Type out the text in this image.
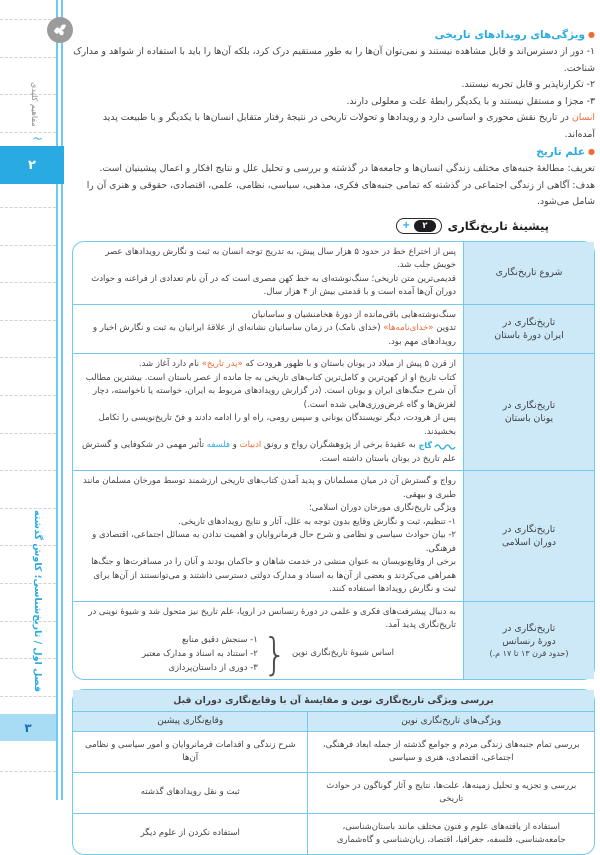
مفاهیم کلیدی
〜
۲
فصل اول / تاریخ‌شناسی؛ کاوش گذشته
۳
●ویژگی‌های رویدادهای تاریخی
۱- دور از دسترس‌اند و قابل مشاهده نیستند و نمی‌توان آن‌ها را به طور مستقیم درک کرد، بلکه آن‌ها را باید با استفاده از شواهد و مدارک شناخت.
۲- تکرارناپذیر و قابل تجربه نیستند.
۳- مجزا و مستقل نیستند و با یکدیگر رابطهٔ علت و معلولی دارند.
انسان در تاریخ نقش محوری و اساسی دارد و رویدادها و تحولات تاریخی در نتیجهٔ رفتار متقابل انسان‌ها با یکدیگر و با طبیعت پدید آمده‌اند.
●علم تاریخ
تعریف: مطالعهٔ جنبه‌های مختلف زندگی انسان‌ها و جامعه‌ها در گذشته و بررسی و تحلیل علل و نتایج افکار و اعمال پیشینیان است.
هدف: آگاهی از زندگی اجتماعی در گذشته که تمامی جنبه‌های فکری، مذهبی، سیاسی، نظامی، علمی، اقتصادی، حقوقی و هنری آن را شامل می‌شود.
پیشینهٔ تاریخ‌نگاری
+	۲
شروع تاریخ‌نگاری
پس از اختراع خط در حدود ۵ هزار سال پیش، به تدریج توجه انسان به ثبت و نگارش رویدادهای عصر خویش جلب شد.
قدیمی‌ترین متن تاریخی؛ سنگ‌نوشته‌ای به خط کهن مصری است که در آن نام تعدادی از فراعنه و حوادث دوران آن‌ها آمده است و با قدمتی بیش از ۴ هزار سال.
تاریخ‌نگاری در
ایران دورهٔ باستان
سنگ‌نوشته‌هایی باقی‌مانده از دورهٔ هخامنشیان و ساسانیان
تدوین «خدای‌نامه‌ها» (خدای نامک) در زمان ساسانیان نشانه‌ای از علاقهٔ ایرانیان به ثبت و نگارش اخبار و رویدادهای مهم بود.
تاریخ‌نگاری در
یونان باستان
از قرن ۵ پیش از میلاد در یونان باستان و با ظهور هرودت که «پدر تاریخ» نام دارد آغاز شد.
کتاب تاریخ او از کهن‌ترین و کامل‌ترین کتاب‌های تاریخی به جا مانده از عصر باستان است. بیشترین مطالب آن شرح جنگ‌های ایران و یونان است. (در گزارش رویدادهای مربوط به ایران، خواسته یا ناخواسته، دچار لغزش‌ها و گاه غرض‌ورزی‌هایی شده است.)
پس از هرودت، دیگر نویسندگان یونانی و سپس رومی، راه او را ادامه دادند و فنّ تاریخ‌نویسی را تکامل بخشیدند.
گاج
به عقیدهٔ برخی از پژوهشگران رواج و رونق ادبیات و فلسفه تأثیر مهمی در شکوفایی و گسترش علم تاریخ در یونان باستان داشته است.
تاریخ‌نگاری در
دوران اسلامی
رواج و گسترش آن در میان مسلمانان و پدید آمدن کتاب‌های تاریخی ارزشمند توسط مورخان مسلمان مانند طبری و بیهقی.
ویژگی تاریخ‌نگاری مورخان دوران اسلامی؛
۱- تنظیم، ثبت و نگارش وقایع بدون توجه به علل، آثار و نتایج رویدادهای تاریخی.
۲- بیان حوادث سیاسی و نظامی و شرح حال فرمانروایان و اهمیت ندادن به مسائل اجتماعی، اقتصادی و فرهنگی.
برخی از وقایع‌نویسان به عنوان منشی در خدمت شاهان و حاکمان بودند و آنان را در مسافرت‌ها و جنگ‌ها همراهی می‌کردند و بعضی از آن‌ها به اسناد و مدارک دولتی دسترسی داشتند و می‌توانستند از آن‌ها برای ثبت و نگارش رویدادها استفاده کنند.
تاریخ‌نگاری در
دورهٔ رنسانس
(حدود قرن ۱۳ تا ۱۷ م.)
به دنبال پیشرفت‌های فکری و علمی در دورهٔ رنسانس در اروپا، علم تاریخ نیز متحول شد و شیوهٔ نوینی در تاریخ‌نگاری پدید آمد.
اساس شیوهٔ تاریخ‌نگاری نوین
}
۱- سنجش دقیق منابع
۲- استناد به اسناد و مدارک معتبر
۳- دوری از داستان‌پردازی
بررسی ویژگی تاریخ‌نگاری نوین و مقایسهٔ آن با وقایع‌نگاری دوران قبل
ویژگی‌های تاریخ‌نگاری نوین
وقایع‌نگاری پیشین
بررسی تمام جنبه‌های زندگی مردم و جوامع گذشته از جمله ابعاد فرهنگی، اجتماعی، اقتصادی، هنری و سیاسی
شرح زندگی و اقدامات فرمانروایان و امور سیاسی و نظامی آن‌ها
بررسی و تجزیه و تحلیل زمینه‌ها، علت‌ها، نتایج و آثار گوناگون در حوادث تاریخی
ثبت و نقل رویدادهای گذشته
استفاده از یافته‌های علوم و فنون مختلف مانند باستان‌شناسی، جامعه‌شناسی، فلسفه، جغرافیا، اقتصاد، زبان‌شناسی و گاه‌شماری
استفاده نکردن از علوم دیگر
